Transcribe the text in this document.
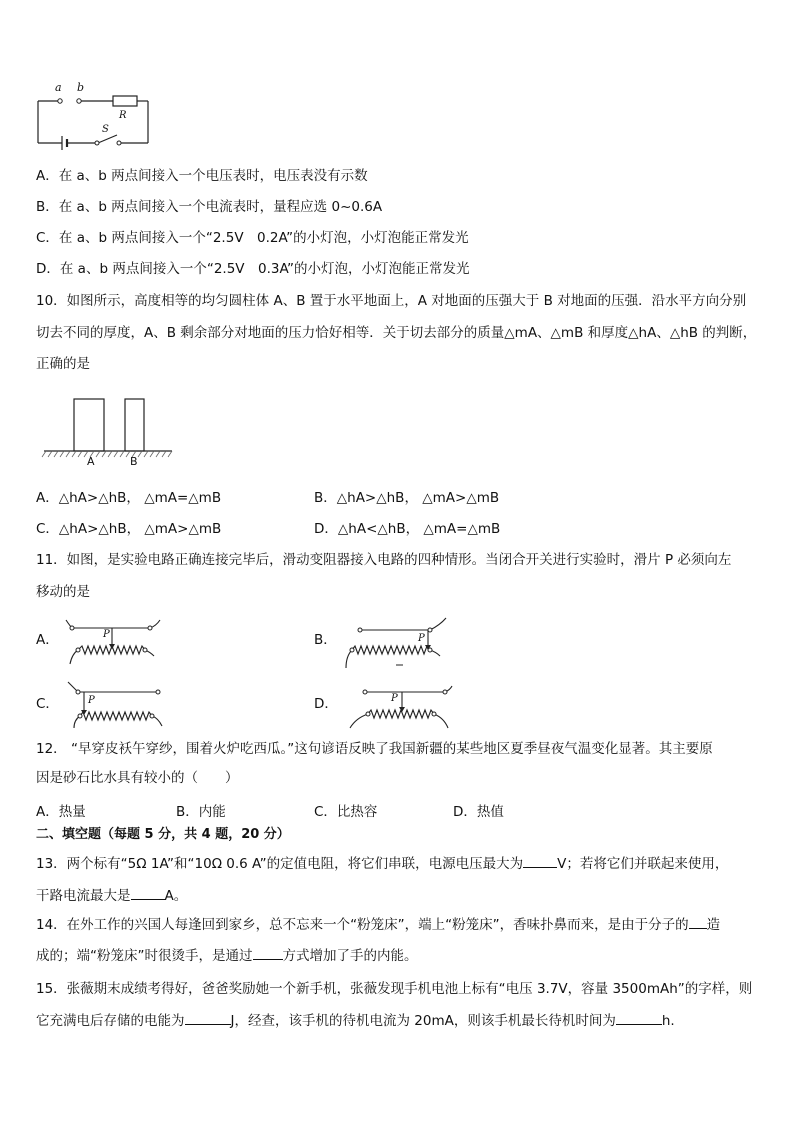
a b
R
S
A．在 a、b 两点间接入一个电压表时，电压表没有示数
B．在 a、b 两点间接入一个电流表时，量程应选 0~0.6A
C．在 a、b 两点间接入一个“2.5V　0.2A”的小灯泡，小灯泡能正常发光
D．在 a、b 两点间接入一个“2.5V　0.3A”的小灯泡，小灯泡能正常发光
10．如图所示，高度相等的均匀圆柱体 A、B 置于水平地面上，A 对地面的压强大于 B 对地面的压强．沿水平方向分别
切去不同的厚度，A、B 剩余部分对地面的压力恰好相等．关于切去部分的质量△mA、△mB 和厚度△hA、△hB 的判断，
正确的是
A	B
A．△hA>△hB， △mA=△mB	B．△hA>△hB， △mA>△mB
C．△hA>△hB， △mA>△mB	D．△hA<△hB， △mA=△mB
11．如图，是实验电路正确连接完毕后，滑动变阻器接入电路的四种情形。当闭合开关进行实验时，滑片 P 必须向左
移动的是
A．	B．
C．	D．
P	P
P	P
12． “早穿皮袄午穿纱，围着火炉吃西瓜。”这句谚语反映了我国新疆的某些地区夏季昼夜气温变化显著。其主要原
因是砂石比水具有较小的（　　）
A．热量	B．内能	C．比热容	D．热值
二、填空题（每题 5 分，共 4 题，20 分）
13．两个标有“5Ω 1A”和“10Ω 0.6 A”的定值电阻，将它们串联，电源电压最大为	V；若将它们并联起来使用，
干路电流最大是	A。
14．在外工作的兴国人每逢回到家乡，总不忘来一个“粉笼床”，端上“粉笼床”，香味扑鼻而来，是由于分子的 造
成的；端“粉笼床”时很烫手，是通过 方式增加了手的内能。
15．张薇期末成绩考得好，爸爸奖励她一个新手机，张薇发现手机电池上标有“电压 3.7V，容量 3500mAh”的字样，则
它充满电后存储的电能为	J，经查，该手机的待机电流为 20mA，则该手机最长待机时间为	h.
